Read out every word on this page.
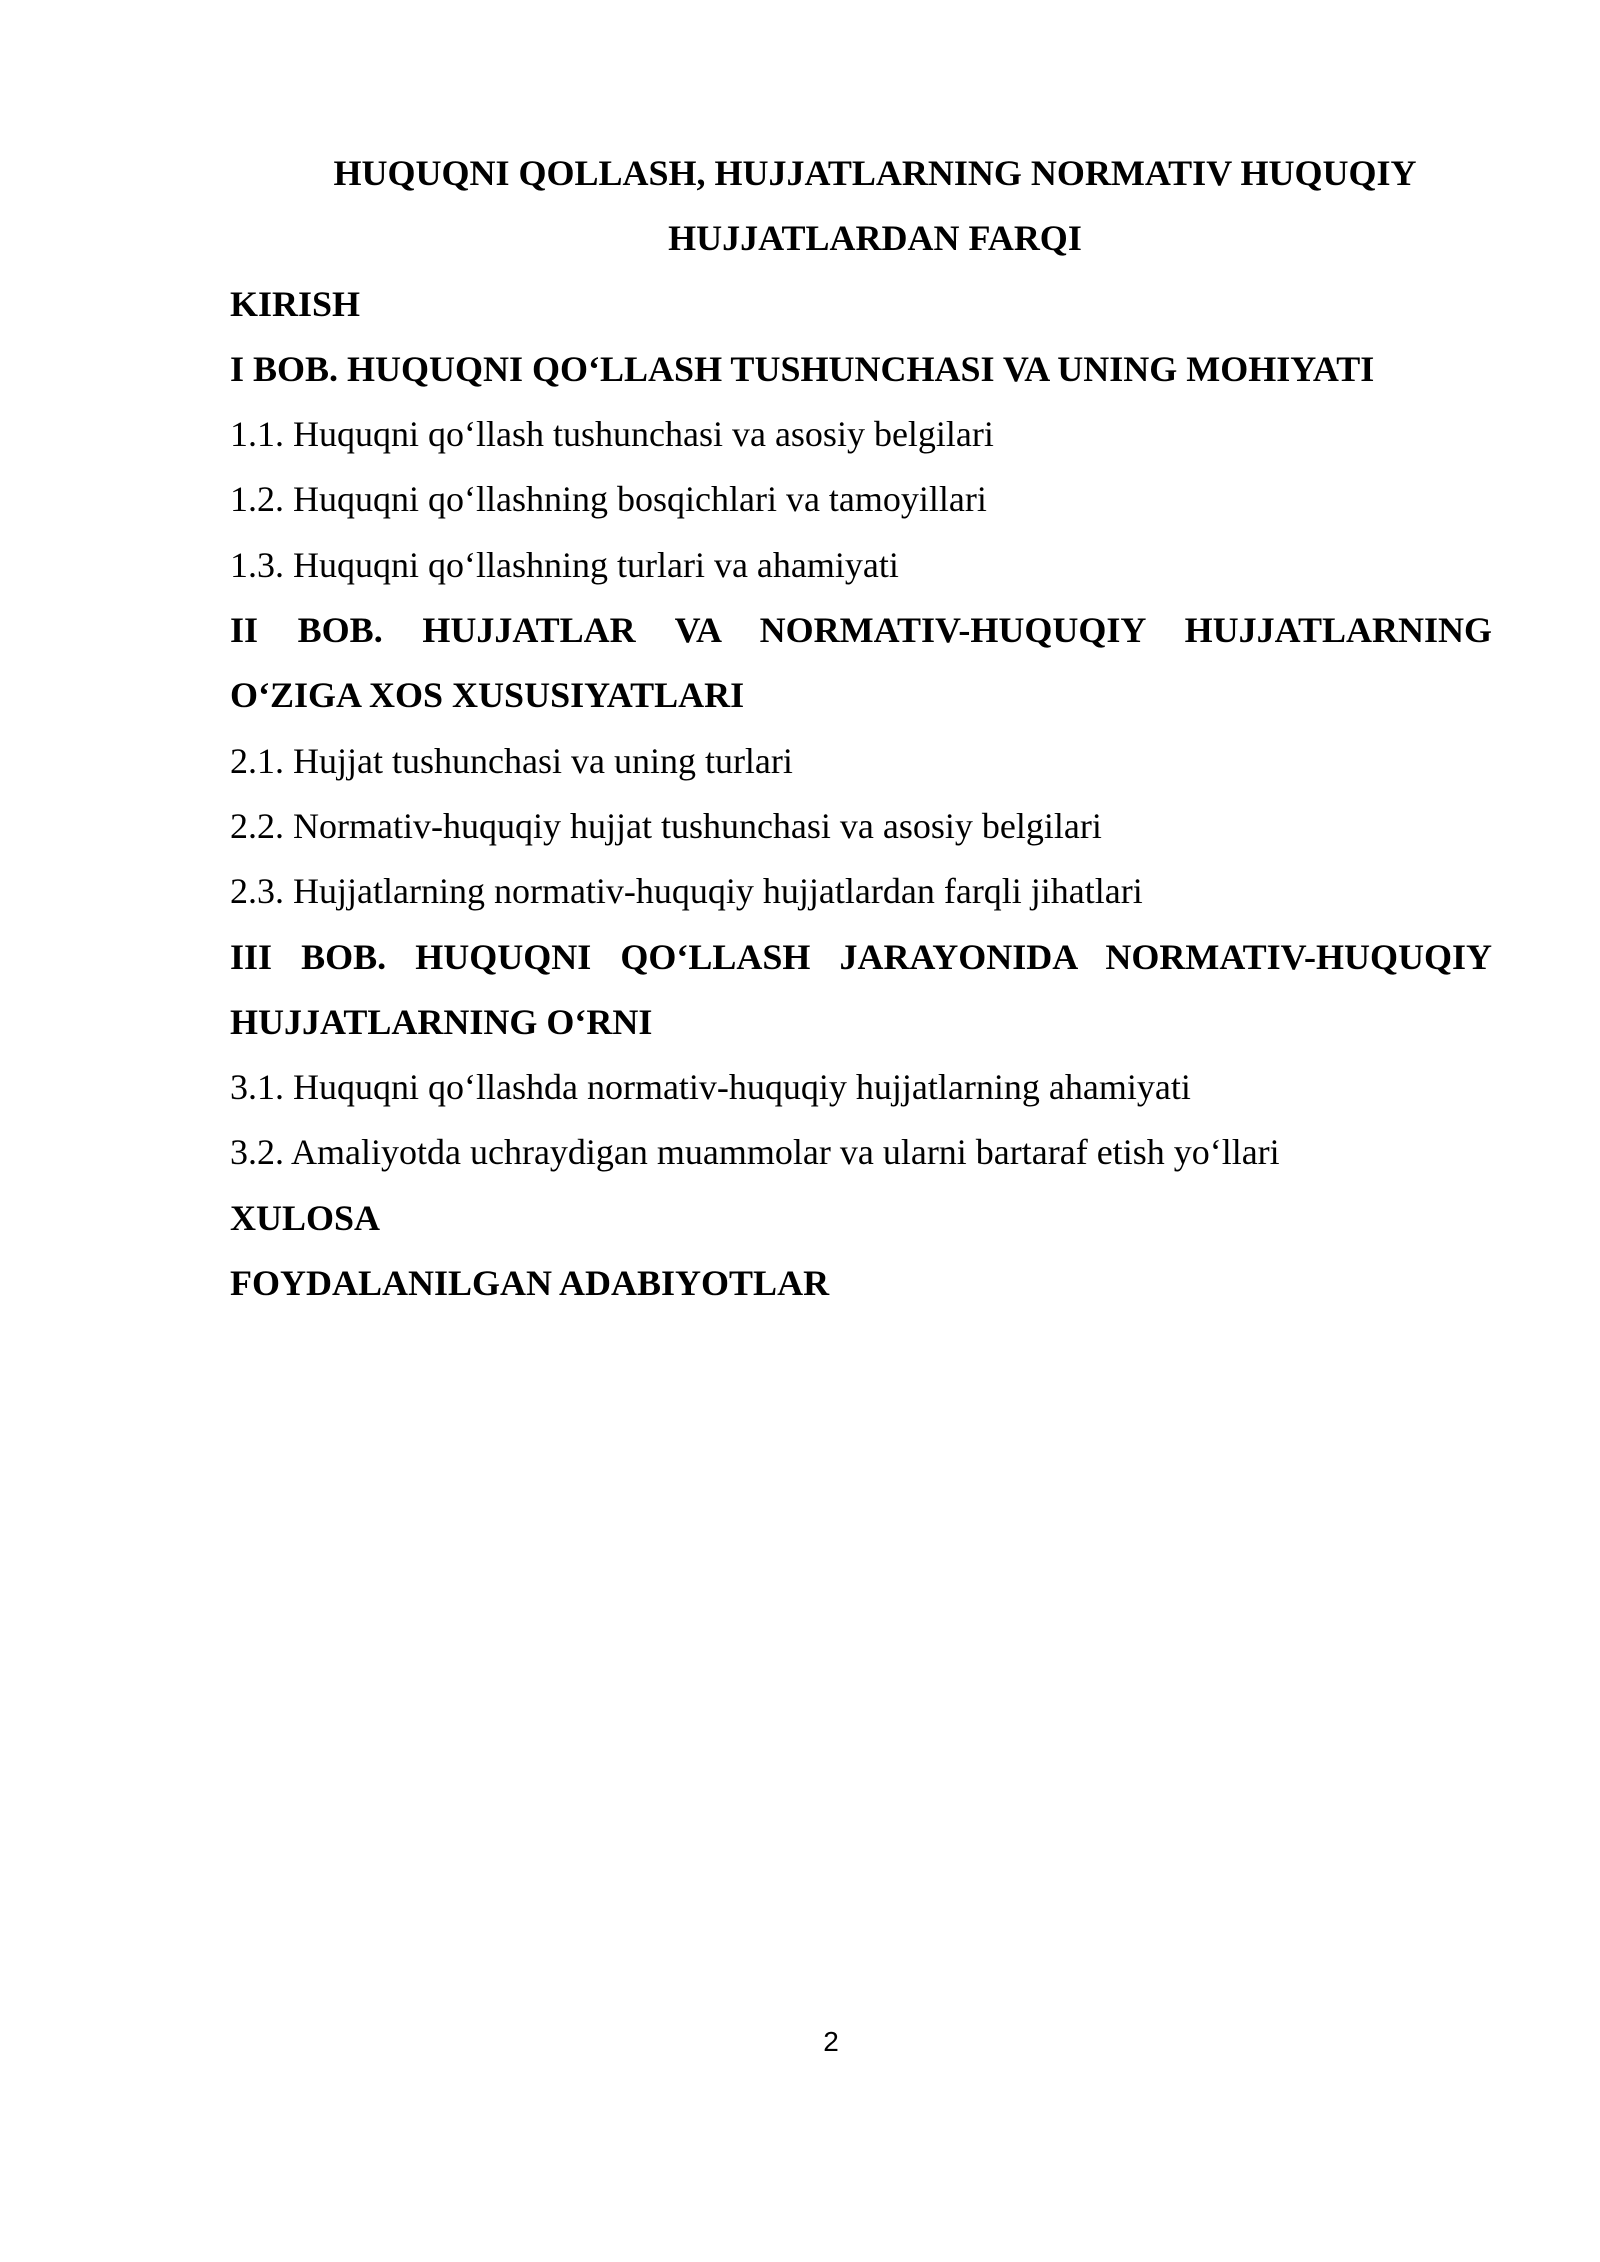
HUQUQNI QOLLASH, HUJJATLARNING NORMATIV HUQUQIY

HUJJATLARDAN FARQI

KIRISH

I BOB. HUQUQNI QO‘LLASH TUSHUNCHASI VA UNING MOHIYATI

1.1. Huquqni qo‘llash tushunchasi va asosiy belgilari

1.2. Huquqni qo‘llashning bosqichlari va tamoyillari

1.3. Huquqni qo‘llashning turlari va ahamiyati

II BOB. HUJJATLAR VA NORMATIV-HUQUQIY HUJJATLARNING

O‘ZIGA XOS XUSUSIYATLARI

2.1. Hujjat tushunchasi va uning turlari

2.2. Normativ-huquqiy hujjat tushunchasi va asosiy belgilari

2.3. Hujjatlarning normativ-huquqiy hujjatlardan farqli jihatlari

III BOB. HUQUQNI QO‘LLASH JARAYONIDA NORMATIV-HUQUQIY

HUJJATLARNING O‘RNI

3.1. Huquqni qo‘llashda normativ-huquqiy hujjatlarning ahamiyati

3.2. Amaliyotda uchraydigan muammolar va ularni bartaraf etish yo‘llari

XULOSA

FOYDALANILGAN ADABIYOTLAR

2
